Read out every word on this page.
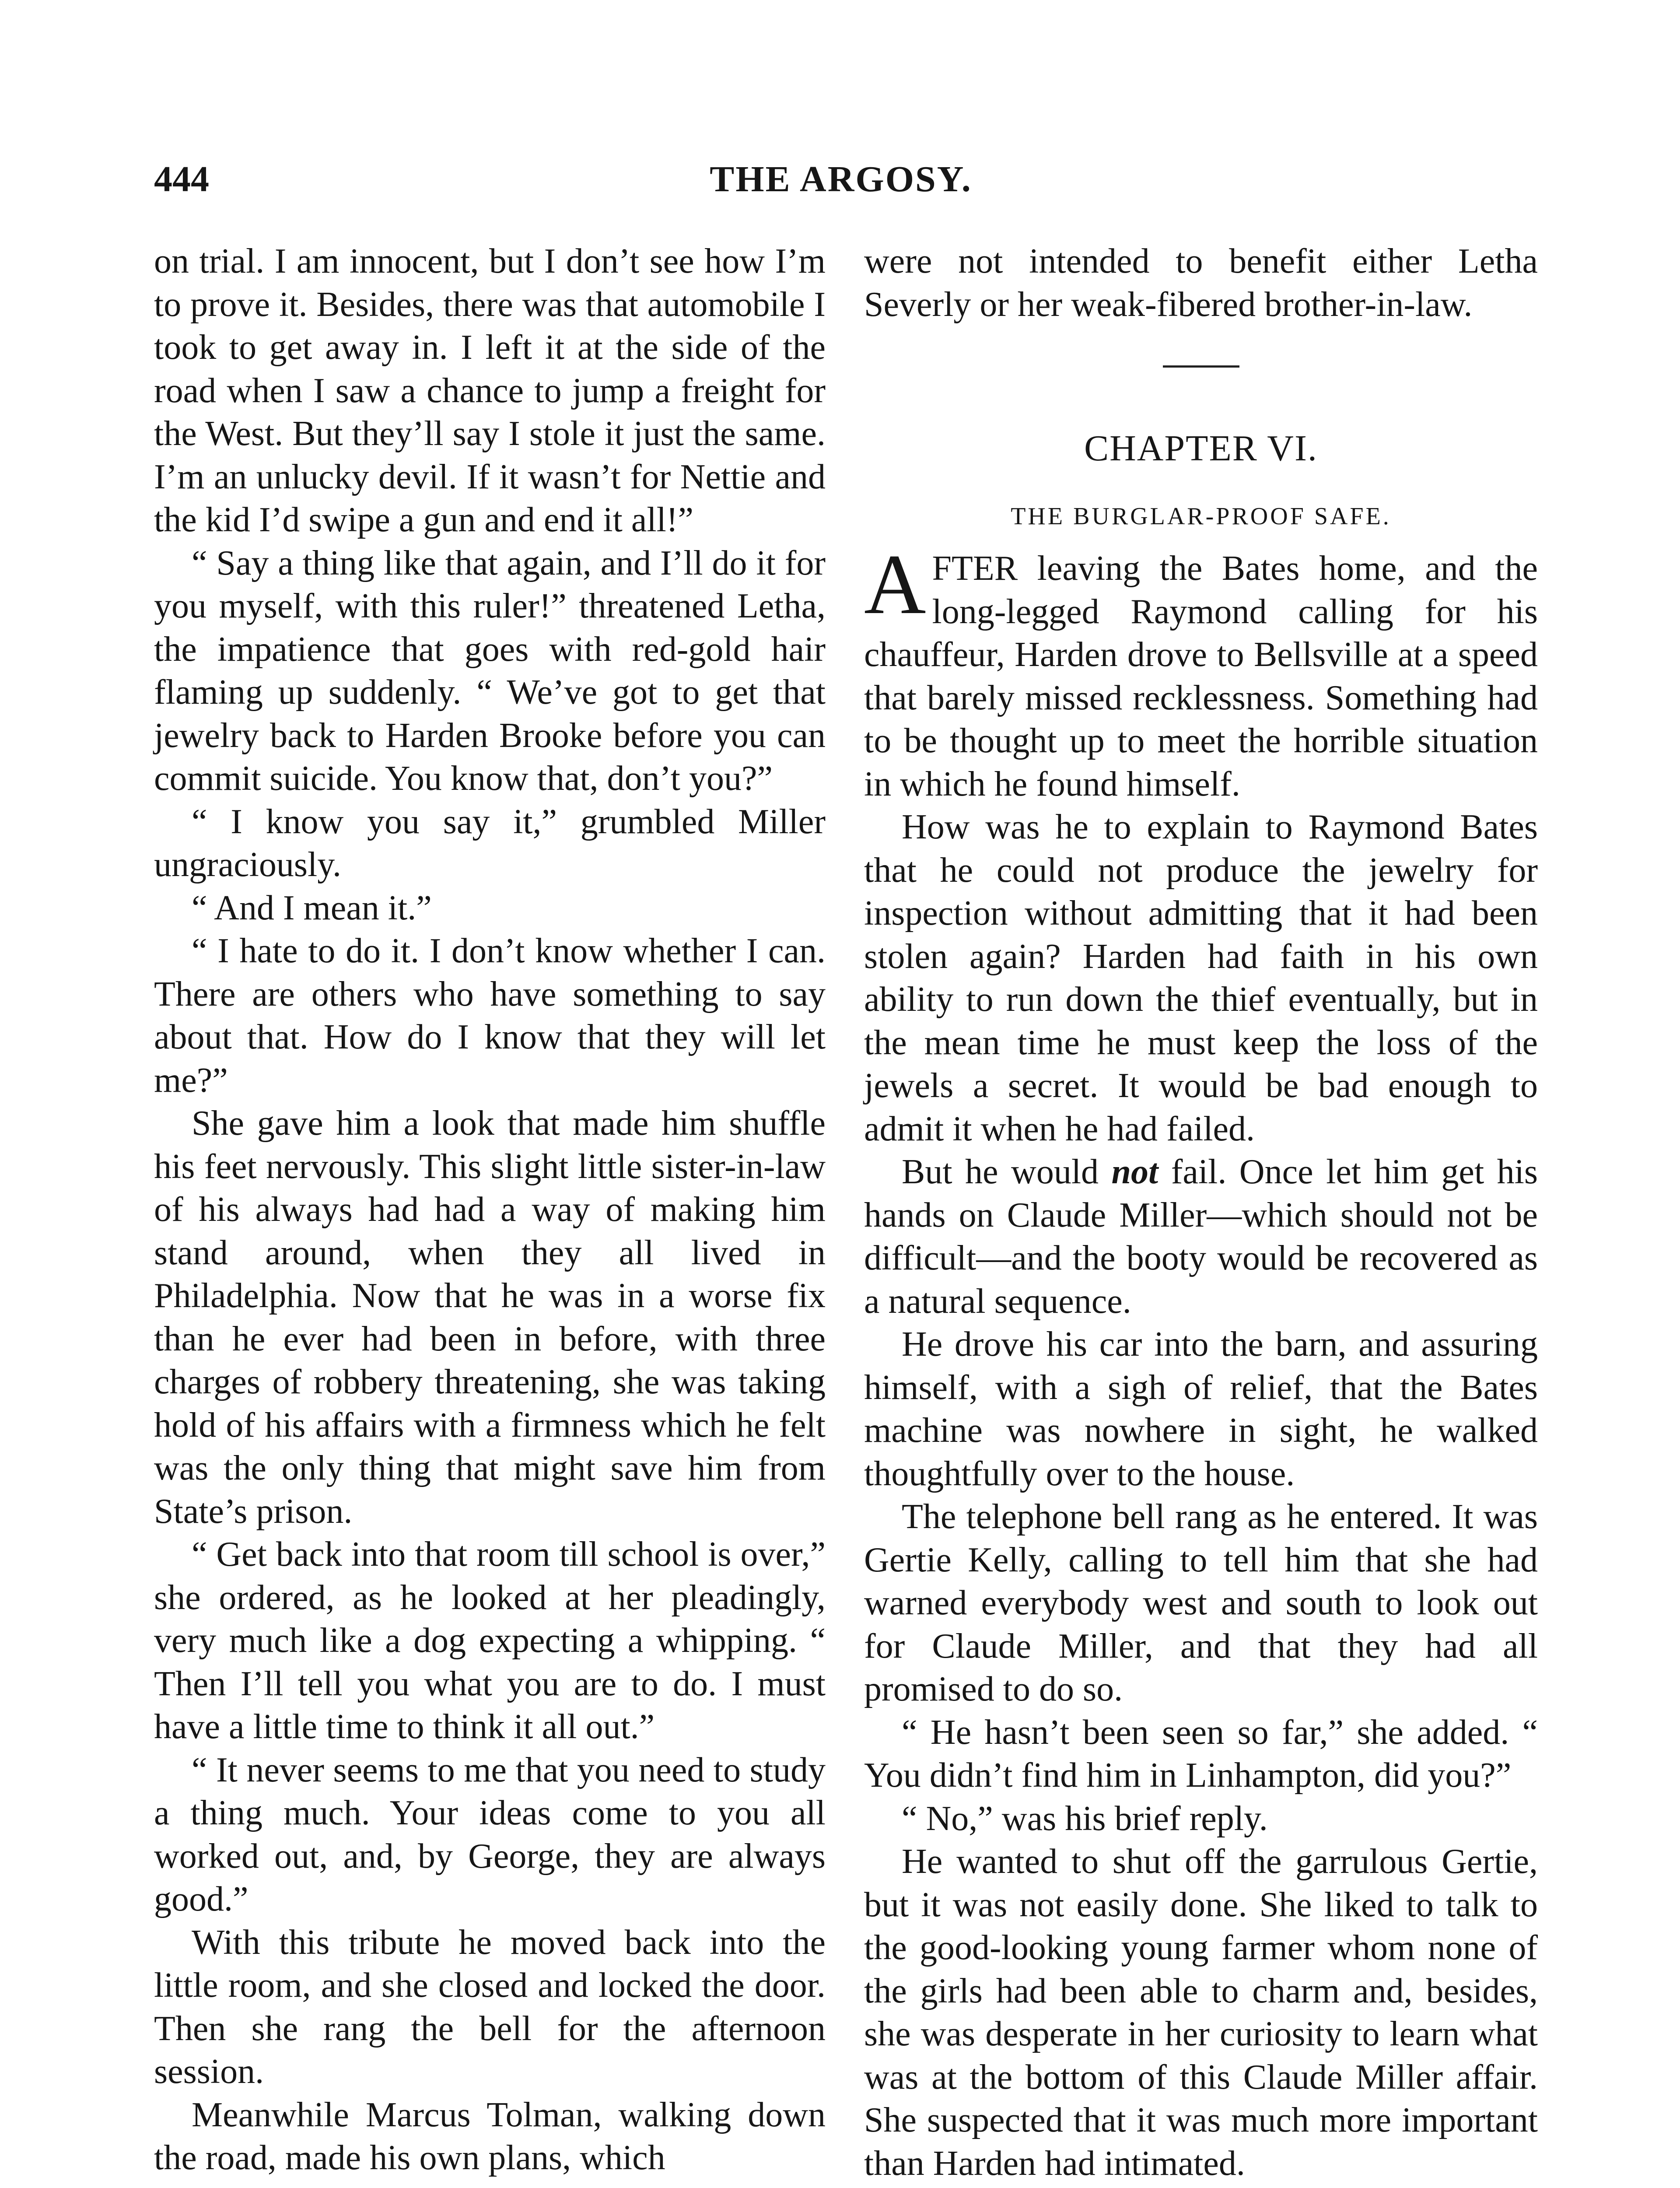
444	THE ARGOSY.

on trial. I am innocent, but I don’t see how I’m to prove it. Besides, there was that automobile I took to get away in. I left it at the side of the road when I saw a chance to jump a freight for the West. But they’ll say I stole it just the same. I’m an unlucky devil. If it wasn’t for Nettie and the kid I’d swipe a gun and end it all!”

“ Say a thing like that again, and I’ll do it for you myself, with this ruler!” threatened Letha, the impatience that goes with red-gold hair flaming up suddenly. “ We’ve got to get that jewelry back to Harden Brooke before you can commit suicide. You know that, don’t you?”

“ I know you say it,” grumbled Miller ungraciously.

“ And I mean it.”

“ I hate to do it. I don’t know whether I can. There are others who have something to say about that. How do I know that they will let me?”

She gave him a look that made him shuffle his feet nervously. This slight little sister-in-law of his always had had a way of making him stand around, when they all lived in Philadelphia. Now that he was in a worse fix than he ever had been in before, with three charges of robbery threatening, she was taking hold of his affairs with a firmness which he felt was the only thing that might save him from State’s prison.

“ Get back into that room till school is over,” she ordered, as he looked at her pleadingly, very much like a dog expecting a whipping. “ Then I’ll tell you what you are to do. I must have a little time to think it all out.”

“ It never seems to me that you need to study a thing much. Your ideas come to you all worked out, and, by George, they are always good.”

With this tribute he moved back into the little room, and she closed and locked the door. Then she rang the bell for the afternoon session.

Meanwhile Marcus Tolman, walking down the road, made his own plans, which

were not intended to benefit either Letha Severly or her weak-fibered brother-in-law.

CHAPTER VI.
THE BURGLAR-PROOF SAFE.

AFTER leaving the Bates home, and the long-legged Raymond calling for his chauffeur, Harden drove to Bellsville at a speed that barely missed recklessness. Something had to be thought up to meet the horrible situation in which he found himself.

How was he to explain to Raymond Bates that he could not produce the jewelry for inspection without admitting that it had been stolen again? Harden had faith in his own ability to run down the thief eventually, but in the mean time he must keep the loss of the jewels a secret. It would be bad enough to admit it when he had failed.

But he would not fail. Once let him get his hands on Claude Miller—which should not be difficult—and the booty would be recovered as a natural sequence.

He drove his car into the barn, and assuring himself, with a sigh of relief, that the Bates machine was nowhere in sight, he walked thoughtfully over to the house.

The telephone bell rang as he entered. It was Gertie Kelly, calling to tell him that she had warned everybody west and south to look out for Claude Miller, and that they had all promised to do so.

“ He hasn’t been seen so far,” she added. “ You didn’t find him in Linhampton, did you?”

“ No,” was his brief reply.

He wanted to shut off the garrulous Gertie, but it was not easily done. She liked to talk to the good-looking young farmer whom none of the girls had been able to charm and, besides, she was desperate in her curiosity to learn what was at the bottom of this Claude Miller affair. She suspected that it was much more important than Harden had intimated.
